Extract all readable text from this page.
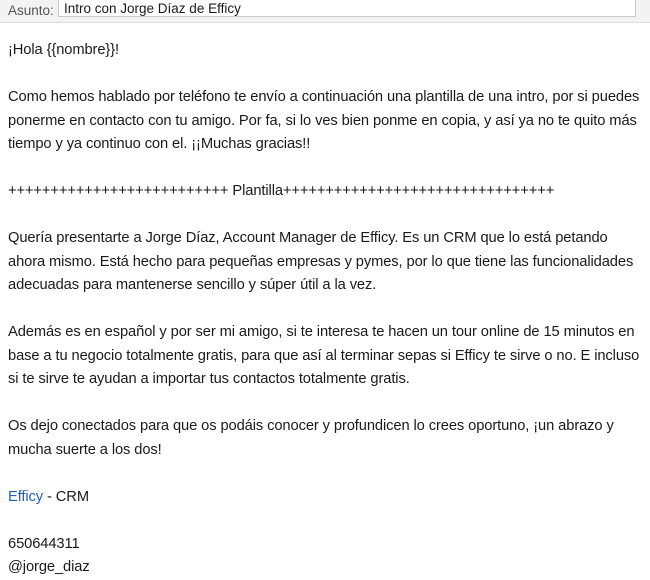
Asunto:
Intro con Jorge Díaz de Efficy

¡Hola {{nombre}}!

Como hemos hablado por teléfono te envío a continuación una plantilla de una intro, por si puedes ponerme en contacto con tu amigo. Por fa, si lo ves bien ponme en copia, y así ya no te quito más tiempo y ya continuo con el. ¡¡Muchas gracias!!

++++++++++++++++++++++++++ Plantilla++++++++++++++++++++++++++++++++

Quería presentarte a Jorge Díaz, Account Manager de Efficy. Es un CRM que lo está petando ahora mismo. Está hecho para pequeñas empresas y pymes, por lo que tiene las funcionalidades adecuadas para mantenerse sencillo y súper útil a la vez.

Además es en español y por ser mi amigo, si te interesa te hacen un tour online de 15 minutos en base a tu negocio totalmente gratis, para que así al terminar sepas si Efficy te sirve o no. E incluso si te sirve te ayudan a importar tus contactos totalmente gratis.

Os dejo conectados para que os podáis conocer y profundicen lo crees oportuno, ¡un abrazo y mucha suerte a los dos!

Efficy - CRM

650644311

@jorge_diaz
